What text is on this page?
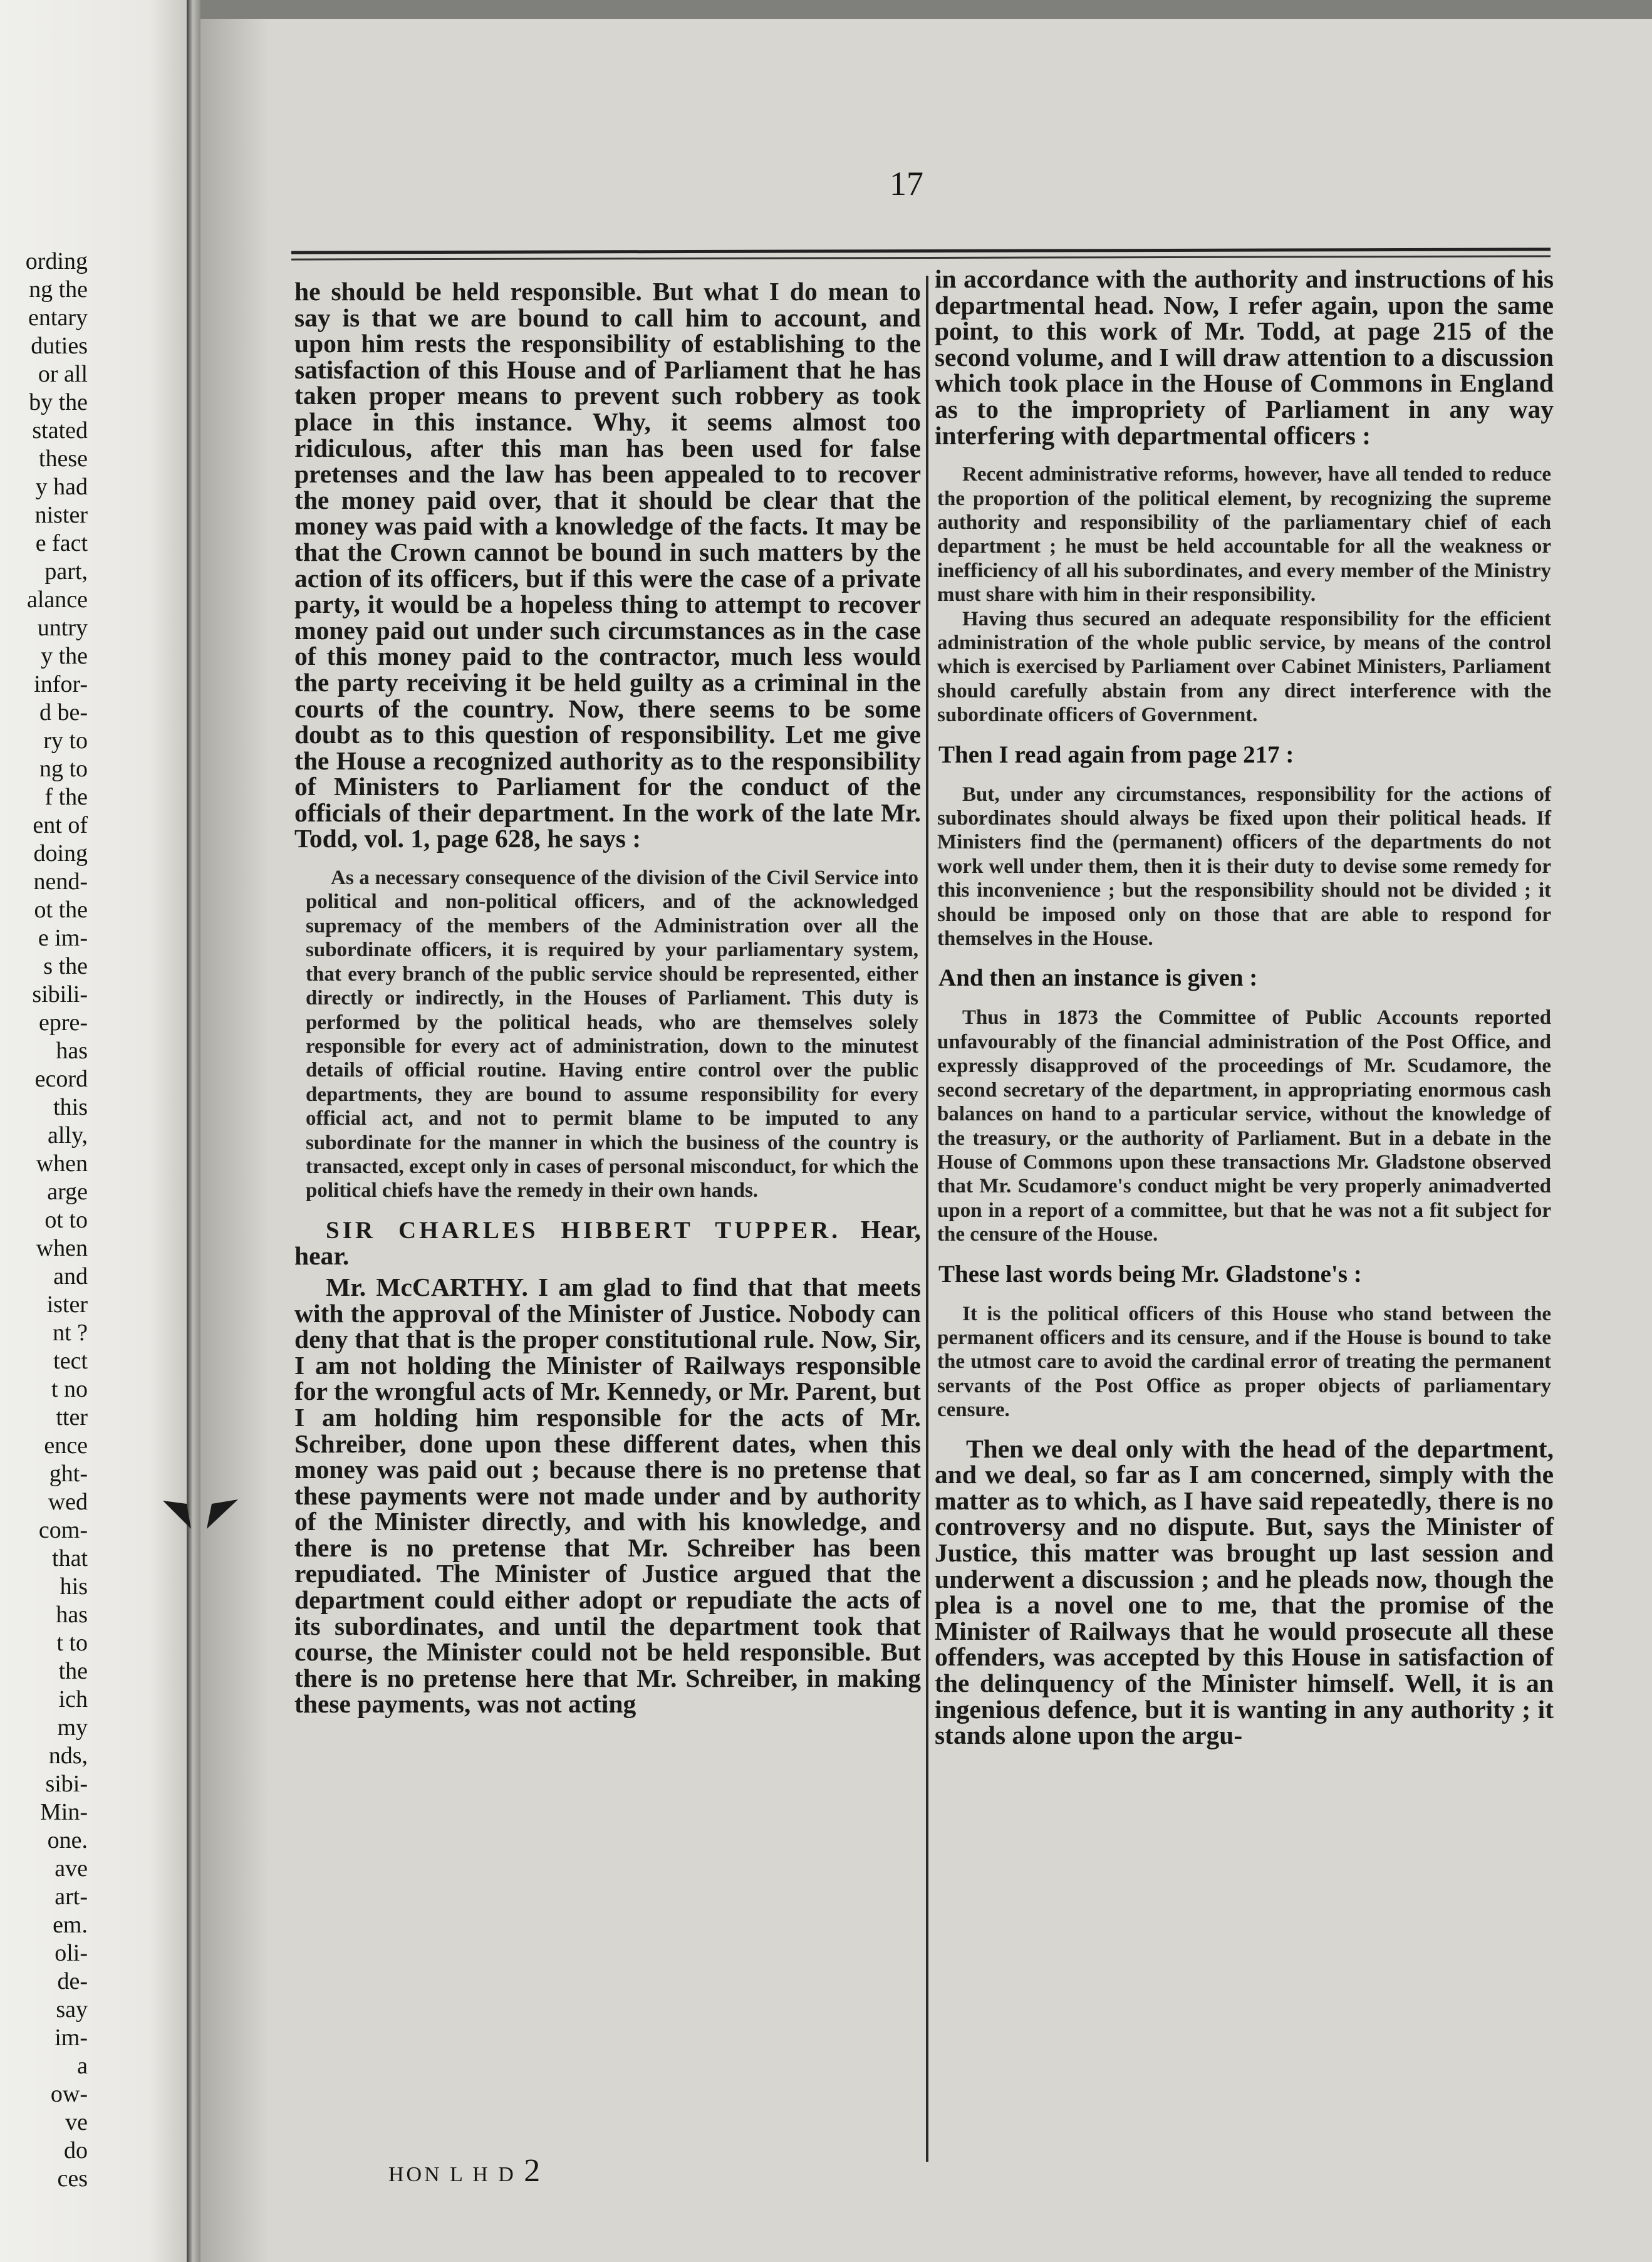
ording
ng the
entary
duties
or all
by the
stated
these
y had
nister
e fact
part,
alance
untry
y the
infor-
d be-
ry to
ng to
f the
ent of
doing
nend-
ot the
e im-
s the
sibili-
epre-
has
ecord
this
ally,
when
arge
ot to
when
and
ister
nt ?
tect
t no
tter
ence
ght-
wed
com-
that
his
has
t to
the
ich
my
nds,
sibi-
Min-
one.
ave
art-
em.
oli-
de-
say
im-
a
ow-
ve
do
ces
17

he should be held responsible. But what I do mean to say is that we are bound to call him to account, and upon him rests the responsibility of establishing to the satisfaction of this House and of Parliament that he has taken proper means to prevent such robbery as took place in this instance. Why, it seems almost too ridiculous, after this man has been used for false pretenses and the law has been appealed to to recover the money paid over, that it should be clear that the money was paid with a knowledge of the facts. It may be that the Crown cannot be bound in such matters by the action of its officers, but if this were the case of a private party, it would be a hopeless thing to attempt to recover money paid out under such circumstances as in the case of this money paid to the contractor, much less would the party receiving it be held guilty as a criminal in the courts of the country. Now, there seems to be some doubt as to this question of responsibility. Let me give the House a recognized authority as to the responsibility of Ministers to Parliament for the conduct of the officials of their department. In the work of the late Mr. Todd, vol. 1, page 628, he says :

As a necessary consequence of the division of the Civil Service into political and non-political officers, and of the acknowledged supremacy of the members of the Administration over all the subordinate officers, it is required by your parliamentary system, that every branch of the public service should be represented, either directly or indirectly, in the Houses of Parliament. This duty is performed by the political heads, who are themselves solely responsible for every act of administration, down to the minutest details of official routine. Having entire control over the public departments, they are bound to assume responsibility for every official act, and not to permit blame to be imputed to any subordinate for the manner in which the business of the country is transacted, except only in cases of personal misconduct, for which the political chiefs have the remedy in their own hands.

SIR CHARLES HIBBERT TUPPER. Hear, hear.

Mr. McCARTHY. I am glad to find that that meets with the approval of the Minister of Justice. Nobody can deny that that is the proper constitutional rule. Now, Sir, I am not holding the Minister of Railways responsible for the wrongful acts of Mr. Kennedy, or Mr. Parent, but I am holding him responsible for the acts of Mr. Schreiber, done upon these different dates, when this money was paid out ; because there is no pretense that these payments were not made under and by authority of the Minister directly, and with his knowledge, and there is no pretense that Mr. Schreiber has been repudiated. The Minister of Justice argued that the department could either adopt or repudiate the acts of its subordinates, and until the department took that course, the Minister could not be held responsible. But there is no pretense here that Mr. Schreiber, in making these payments, was not acting

in accordance with the authority and instructions of his departmental head. Now, I refer again, upon the same point, to this work of Mr. Todd, at page 215 of the second volume, and I will draw attention to a discussion which took place in the House of Commons in England as to the impropriety of Parliament in any way interfering with departmental officers :

Recent administrative reforms, however, have all tended to reduce the proportion of the political element, by recognizing the supreme authority and responsibility of the parliamentary chief of each department ; he must be held accountable for all the weakness or inefficiency of all his subordinates, and every member of the Ministry must share with him in their responsibility.

Having thus secured an adequate responsibility for the efficient administration of the whole public service, by means of the control which is exercised by Parliament over Cabinet Ministers, Parliament should carefully abstain from any direct interference with the subordinate officers of Government.

Then I read again from page 217 :

But, under any circumstances, responsibility for the actions of subordinates should always be fixed upon their political heads. If Ministers find the (permanent) officers of the departments do not work well under them, then it is their duty to devise some remedy for this inconvenience ; but the responsibility should not be divided ; it should be imposed only on those that are able to respond for themselves in the House.

And then an instance is given :

Thus in 1873 the Committee of Public Accounts reported unfavourably of the financial administration of the Post Office, and expressly disapproved of the proceedings of Mr. Scudamore, the second secretary of the department, in appropriating enormous cash balances on hand to a particular service, without the knowledge of the treasury, or the authority of Parliament. But in a debate in the House of Commons upon these transactions Mr. Gladstone observed that Mr. Scudamore's conduct might be very properly animadverted upon in a report of a committee, but that he was not a fit subject for the censure of the House.

These last words being Mr. Gladstone's :

It is the political officers of this House who stand between the permanent officers and its censure, and if the House is bound to take the utmost care to avoid the cardinal error of treating the permanent servants of the Post Office as proper objects of parliamentary censure.

Then we deal only with the head of the department, and we deal, so far as I am concerned, simply with the matter as to which, as I have said repeatedly, there is no controversy and no dispute. But, says the Minister of Justice, this matter was brought up last session and underwent a discussion ; and he pleads now, though the plea is a novel one to me, that the promise of the Minister of Railways that he would prosecute all these offenders, was accepted by this House in satisfaction of the delinquency of the Minister himself. Well, it is an ingenious defence, but it is wanting in any authority ; it stands alone upon the argu-

HON L H D 2
